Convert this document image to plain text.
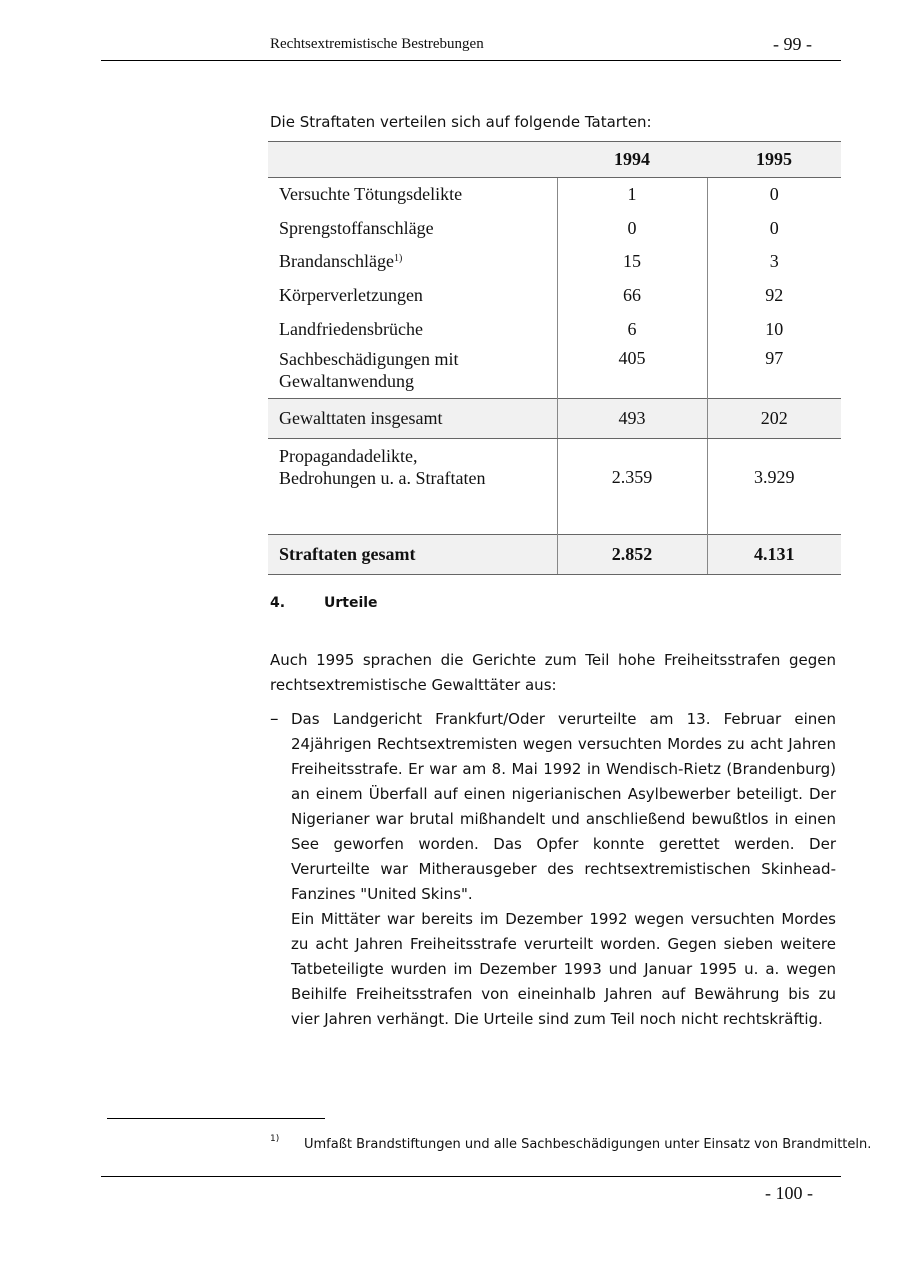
Rechtsextremistische Bestrebungen	- 99 -
Die Straftaten verteilen sich auf folgende Tatarten:
	1994	1995
Versuchte Tötungsdelikte	1	0
Sprengstoffanschläge	0	0
Brandanschläge$^{1)}$	15	3
Körperverletzungen	66	92
Landfriedensbrüche	6	10
Sachbeschädigungen mit
Gewaltanwendung	405	97
Gewalttaten insgesamt	493	202
Propagandadelikte,
Bedrohungen u. a. Straftaten	2.359	3.929
Straftaten gesamt	2.852	4.131
4.	Urteile
Auch 1995 sprachen die Gerichte zum Teil hohe Freiheitsstrafen gegen rechtsextremistische Gewalttäter aus:
– Das Landgericht Frankfurt/Oder verurteilte am 13. Februar einen 24jährigen Rechtsextremisten wegen versuchten Mordes zu acht Jahren Freiheitsstrafe. Er war am 8. Mai 1992 in Wendisch-Rietz (Brandenburg) an einem Überfall auf einen nigerianischen Asylbewerber beteiligt. Der Nigerianer war brutal mißhandelt und anschließend bewußtlos in einen See geworfen worden. Das Opfer konnte gerettet werden. Der Verurteilte war Mitherausgeber des rechtsextremistischen Skinhead-Fanzines "United Skins".

Ein Mittäter war bereits im Dezember 1992 wegen versuchten Mordes zu acht Jahren Freiheitsstrafe verurteilt worden. Gegen sieben weitere Tatbeteiligte wurden im Dezember 1993 und Januar 1995 u. a. wegen Beihilfe Freiheitsstrafen von eineinhalb Jahren auf Bewährung bis zu vier Jahren verhängt. Die Urteile sind zum Teil noch nicht rechtskräftig.

1) Umfaßt Brandstiftungen und alle Sachbeschädigungen unter Einsatz von Brandmitteln.
- 100 -
